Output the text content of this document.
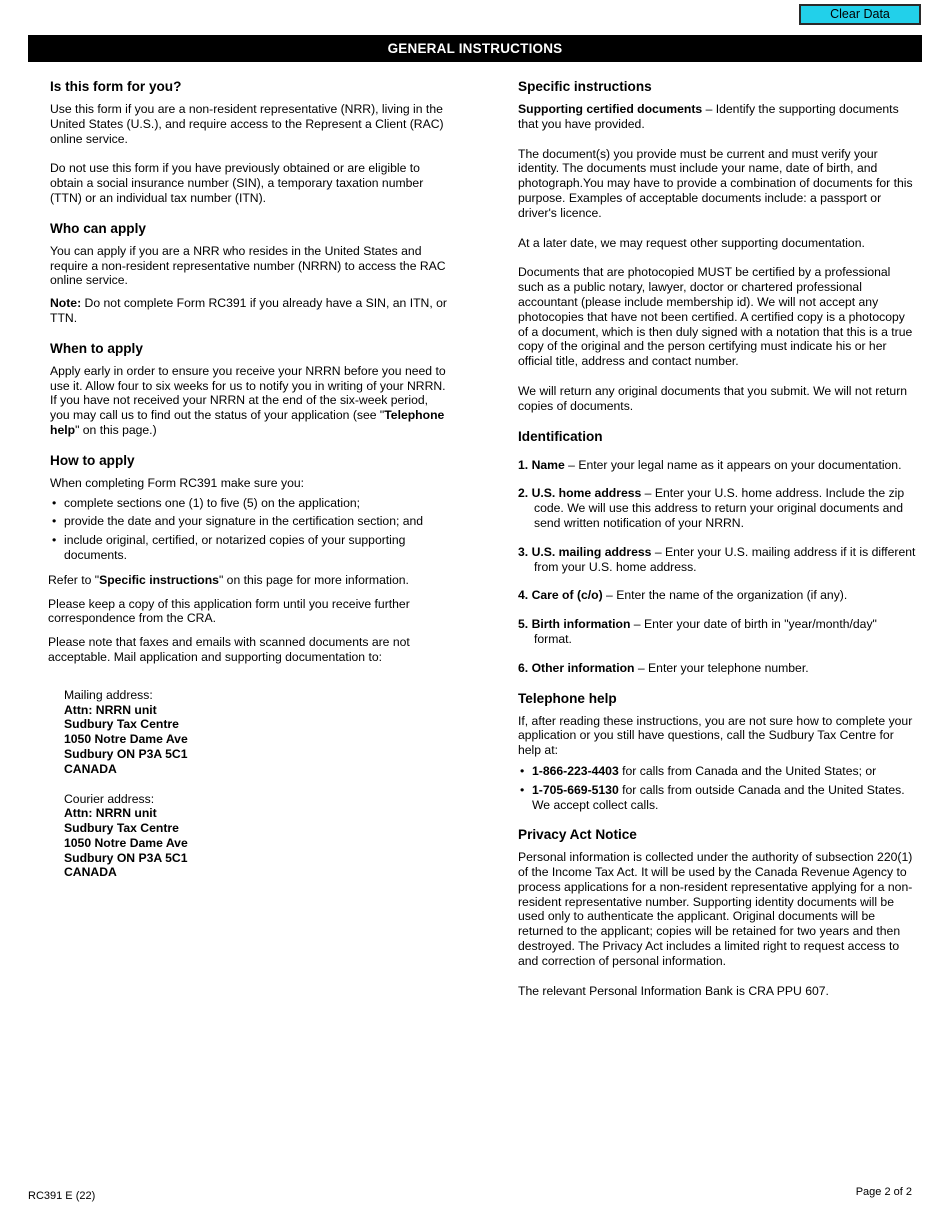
Clear Data
GENERAL INSTRUCTIONS
Is this form for you?

Use this form if you are a non-resident representative (NRR), living in the United States (U.S.), and require access to the Represent a Client (RAC) online service.

Do not use this form if you have previously obtained or are eligible to obtain a social insurance number (SIN), a temporary taxation number (TTN) or an individual tax number (ITN).

Who can apply

You can apply if you are a NRR who resides in the United States and require a non-resident representative number (NRRN) to access the RAC online service.

Note: Do not complete Form RC391 if you already have a SIN, an ITN, or TTN.

When to apply

Apply early in order to ensure you receive your NRRN before you need to use it. Allow four to six weeks for us to notify you in writing of your NRRN. If you have not received your NRRN at the end of the six-week period, you may call us to find out the status of your application (see "Telephone help" on this page.)

How to apply

When completing Form RC391 make sure you:

• complete sections one (1) to five (5) on the application;
• provide the date and your signature in the certification section; and
• include original, certified, or notarized copies of your supporting documents.

Refer to "Specific instructions" on this page for more information.

Please keep a copy of this application form until you receive further correspondence from the CRA.

Please note that faxes and emails with scanned documents are not acceptable. Mail application and supporting documentation to:

Mailing address:
Attn: NRRN unit
Sudbury Tax Centre
1050 Notre Dame Ave
Sudbury ON P3A 5C1
CANADA
Courier address:
Attn: NRRN unit
Sudbury Tax Centre
1050 Notre Dame Ave
Sudbury ON P3A 5C1
CANADA
Specific instructions

Supporting certified documents – Identify the supporting documents that you have provided.

The document(s) you provide must be current and must verify your identity. The documents must include your name, date of birth, and photograph.You may have to provide a combination of documents for this purpose. Examples of acceptable documents include: a passport or driver's licence.

At a later date, we may request other supporting documentation.

Documents that are photocopied MUST be certified by a professional such as a public notary, lawyer, doctor or chartered professional accountant (please include membership id). We will not accept any photocopies that have not been certified. A certified copy is a photocopy of a document, which is then duly signed with a notation that this is a true copy of the original and the person certifying must indicate his or her official title, address and contact number.

We will return any original documents that you submit. We will not return copies of documents.

Identification
1. Name – Enter your legal name as it appears on your documentation.
2. U.S. home address – Enter your U.S. home address. Include the zip code. We will use this address to return your original documents and send written notification of your NRRN.
3. U.S. mailing address – Enter your U.S. mailing address if it is different from your U.S. home address.
4. Care of (c/o) – Enter the name of the organization (if any).
5. Birth information – Enter your date of birth in "year/month/day" format.
6. Other information – Enter your telephone number.
Telephone help

If, after reading these instructions, you are not sure how to complete your application or you still have questions, call the Sudbury Tax Centre for help at:

• 1-866-223-4403 for calls from Canada and the United States; or
• 1-705-669-5130 for calls from outside Canada and the United States. We accept collect calls.
Privacy Act Notice

Personal information is collected under the authority of subsection 220(1) of the Income Tax Act. It will be used by the Canada Revenue Agency to process applications for a non-resident representative applying for a non-resident representative number. Supporting identity documents will be used only to authenticate the applicant. Original documents will be returned to the applicant; copies will be retained for two years and then destroyed. The Privacy Act includes a limited right to request access to and correction of personal information.

The relevant Personal Information Bank is CRA PPU 607.

RC391 E (22)	Page 2 of 2
